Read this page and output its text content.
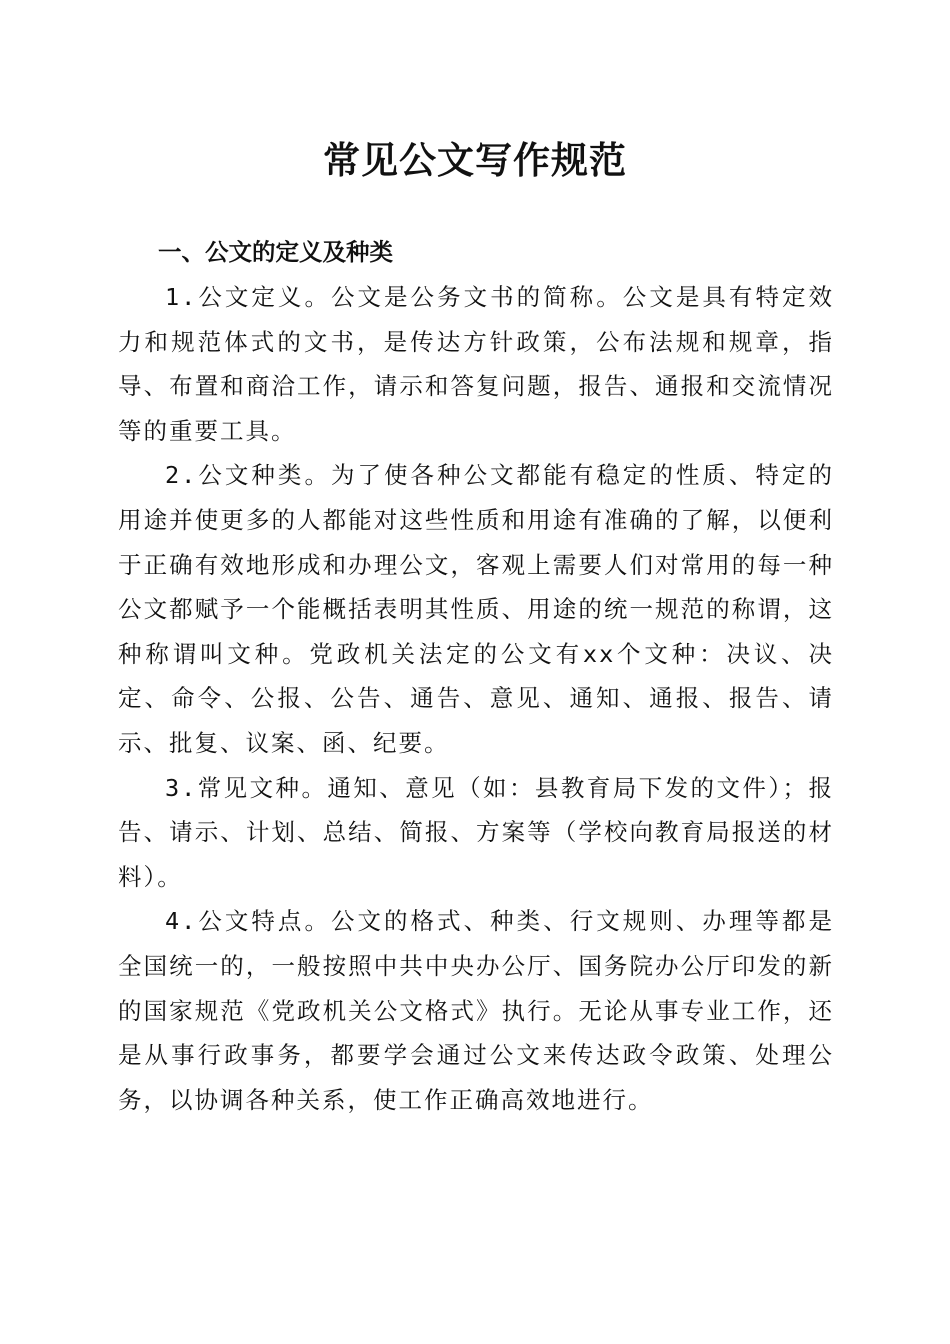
常见公文写作规范
一、公文的定义及种类

1.公文定义。公文是公务文书的简称。公文是具有特定效力和规范体式的文书，是传达方针政策，公布法规和规章，指导、布置和商洽工作，请示和答复问题，报告、通报和交流情况等的重要工具。

2.公文种类。为了使各种公文都能有稳定的性质、特定的用途并使更多的人都能对这些性质和用途有准确的了解，以便利于正确有效地形成和办理公文，客观上需要人们对常用的每一种公文都赋予一个能概括表明其性质、用途的统一规范的称谓，这种称谓叫文种。党政机关法定的公文有xx个文种：决议、决定、命令、公报、公告、通告、意见、通知、通报、报告、请示、批复、议案、函、纪要。

3.常见文种。通知、意见（如：县教育局下发的文件）；报告、请示、计划、总结、简报、方案等（学校向教育局报送的材料）。

4.公文特点。公文的格式、种类、行文规则、办理等都是全国统一的，一般按照中共中央办公厅、国务院办公厅印发的新的国家规范《党政机关公文格式》执行。无论从事专业工作，还是从事行政事务，都要学会通过公文来传达政令政策、处理公务，以协调各种关系，使工作正确高效地进行。
